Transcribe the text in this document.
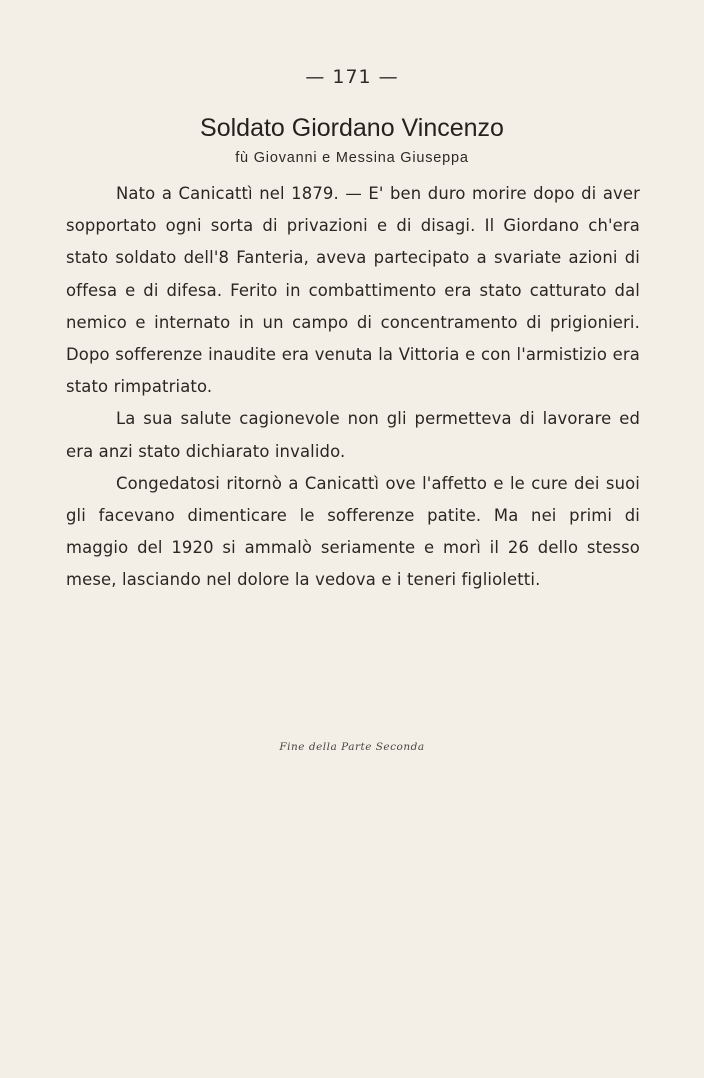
— 171 —
Soldato Giordano Vincenzo
fù Giovanni e Messina Giuseppa

Nato a Canicattì nel 1879. — E' ben duro morire dopo di aver sopportato ogni sorta di privazioni e di disagi. Il Giordano ch'era stato soldato dell'8 Fanteria, aveva partecipato a svariate azioni di offesa e di difesa. Ferito in combattimento era stato catturato dal nemico e internato in un campo di concentramento di prigionieri. Dopo sofferenze inaudite era venuta la Vittoria e con l'armistizio era stato rimpatriato.

La sua salute cagionevole non gli permetteva di lavorare ed era anzi stato dichiarato invalido.

Congedatosi ritornò a Canicattì ove l'affetto e le cure dei suoi gli facevano dimenticare le sofferenze patite. Ma nei primi di maggio del 1920 si ammalò seriamente e morì il 26 dello stesso mese, lasciando nel dolore la vedova e i teneri figlioletti.

Fine della Parte Seconda
